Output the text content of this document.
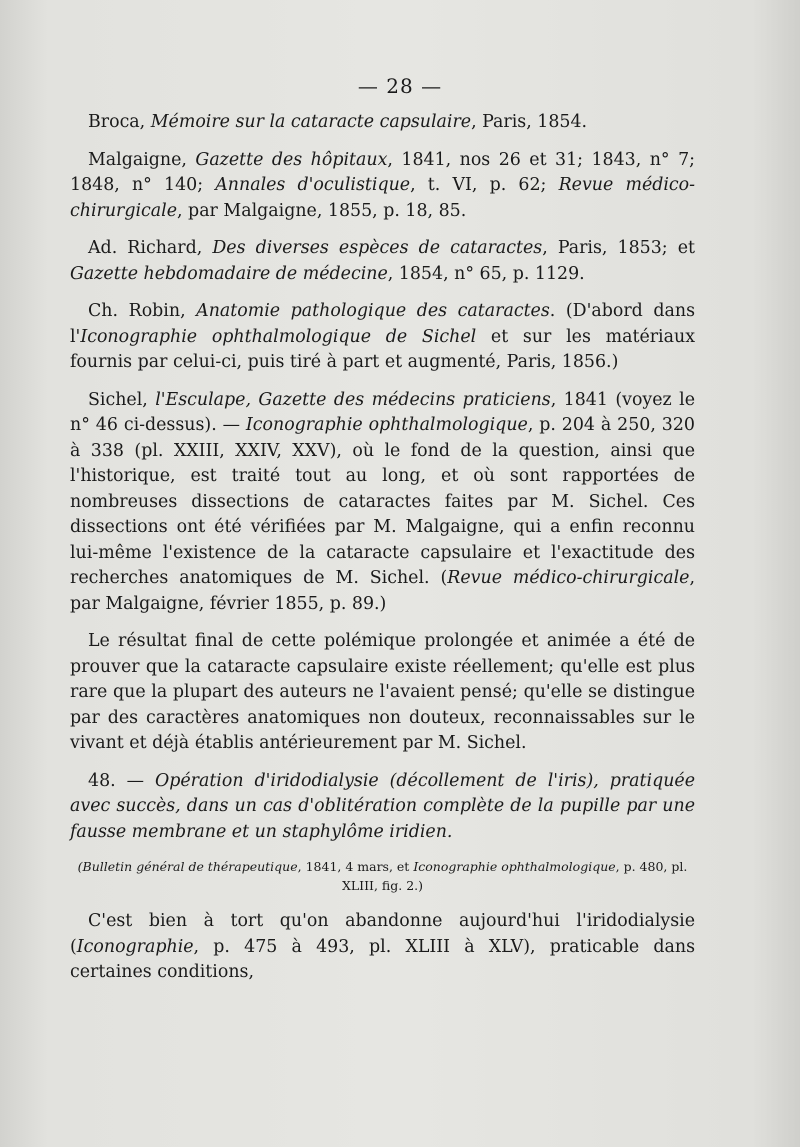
— 28 —

Broca, Mémoire sur la cataracte capsulaire, Paris, 1854.

Malgaigne, Gazette des hôpitaux, 1841, nos 26 et 31; 1843, n° 7; 1848, n° 140; Annales d'oculistique, t. VI, p. 62; Revue médico-chirurgicale, par Malgaigne, 1855, p. 18, 85.

Ad. Richard, Des diverses espèces de cataractes, Paris, 1853; et Gazette hebdomadaire de médecine, 1854, n° 65, p. 1129.

Ch. Robin, Anatomie pathologique des cataractes. (D'abord dans l'Iconographie ophthalmologique de Sichel et sur les matériaux fournis par celui-ci, puis tiré à part et augmenté, Paris, 1856.)

Sichel, l'Esculape, Gazette des médecins praticiens, 1841 (voyez le n° 46 ci-dessus). — Iconographie ophthalmologique, p. 204 à 250, 320 à 338 (pl. XXIII, XXIV, XXV), où le fond de la question, ainsi que l'historique, est traité tout au long, et où sont rapportées de nombreuses dissections de cataractes faites par M. Sichel. Ces dissections ont été vérifiées par M. Malgaigne, qui a enfin reconnu lui-même l'existence de la cataracte capsulaire et l'exactitude des recherches anatomiques de M. Sichel. (Revue médico-chirurgicale, par Malgaigne, février 1855, p. 89.)

Le résultat final de cette polémique prolongée et animée a été de prouver que la cataracte capsulaire existe réellement; qu'elle est plus rare que la plupart des auteurs ne l'avaient pensé; qu'elle se distingue par des caractères anatomiques non douteux, reconnaissables sur le vivant et déjà établis antérieurement par M. Sichel.

48. — Opération d'iridodialysie (décollement de l'iris), pratiquée avec succès, dans un cas d'oblitération complète de la pupille par une fausse membrane et un staphylôme iridien.

(Bulletin général de thérapeutique, 1841, 4 mars, et Iconographie ophthalmologique, p. 480, pl. XLIII, fig. 2.)

C'est bien à tort qu'on abandonne aujourd'hui l'iridodialysie (Iconographie, p. 475 à 493, pl. XLIII à XLV), praticable dans certaines conditions,
